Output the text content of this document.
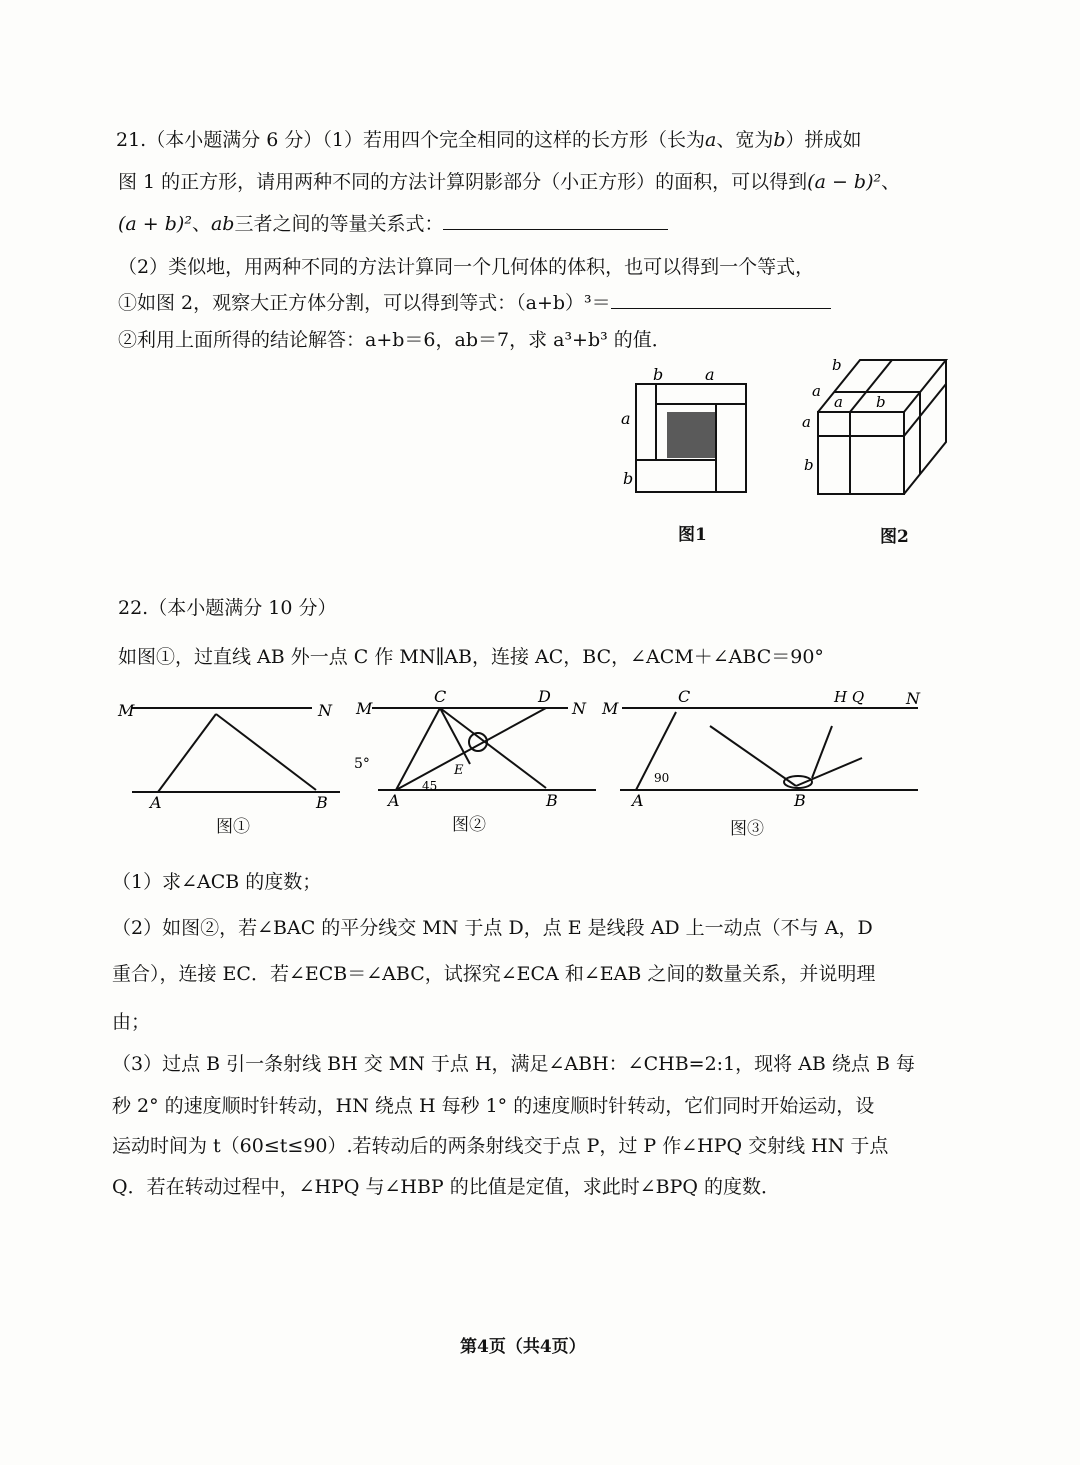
21.（本小题满分 6 分）（1）若用四个完全相同的这样的长方形（长为a、宽为b）拼成如
图 1 的正方形，请用两种不同的方法计算阴影部分（小正方形）的面积，可以得到(a − b)²、
(a + b)²、ab三者之间的等量关系式：
（2）类似地，用两种不同的方法计算同一个几何体的体积，也可以得到一个等式，
①如图 2，观察大正方体分割，可以得到等式：（a+b）³＝
②利用上面所得的结论解答：a+b＝6，ab＝7，求 a³+b³ 的值．
b	a
a
b
图1
b
a
a b
a
b
图2
22.（本小题满分 10 分）
如图①，过直线 AB 外一点 C 作 MN∥AB，连接 AC，BC，∠ACM＋∠ABC＝90°
M	N
A	B
图①
M
C	D
N
5°	E
45
A	B
图②
M
C	H Q	N
90
A	B
图③
（1）求∠ACB 的度数；
（2）如图②，若∠BAC 的平分线交 MN 于点 D，点 E 是线段 AD 上一动点（不与 A，D
重合），连接 EC．若∠ECB＝∠ABC，试探究∠ECA 和∠EAB 之间的数量关系，并说明理
由；
（3）过点 B 引一条射线 BH 交 MN 于点 H，满足∠ABH：∠CHB=2:1，现将 AB 绕点 B 每
秒 2° 的速度顺时针转动，HN 绕点 H 每秒 1° 的速度顺时针转动，它们同时开始运动，设
运动时间为 t（60≤t≤90）.若转动后的两条射线交于点 P，过 P 作∠HPQ 交射线 HN 于点
Q．若在转动过程中，∠HPQ 与∠HBP 的比值是定值，求此时∠BPQ 的度数．
第4页（共4页）
